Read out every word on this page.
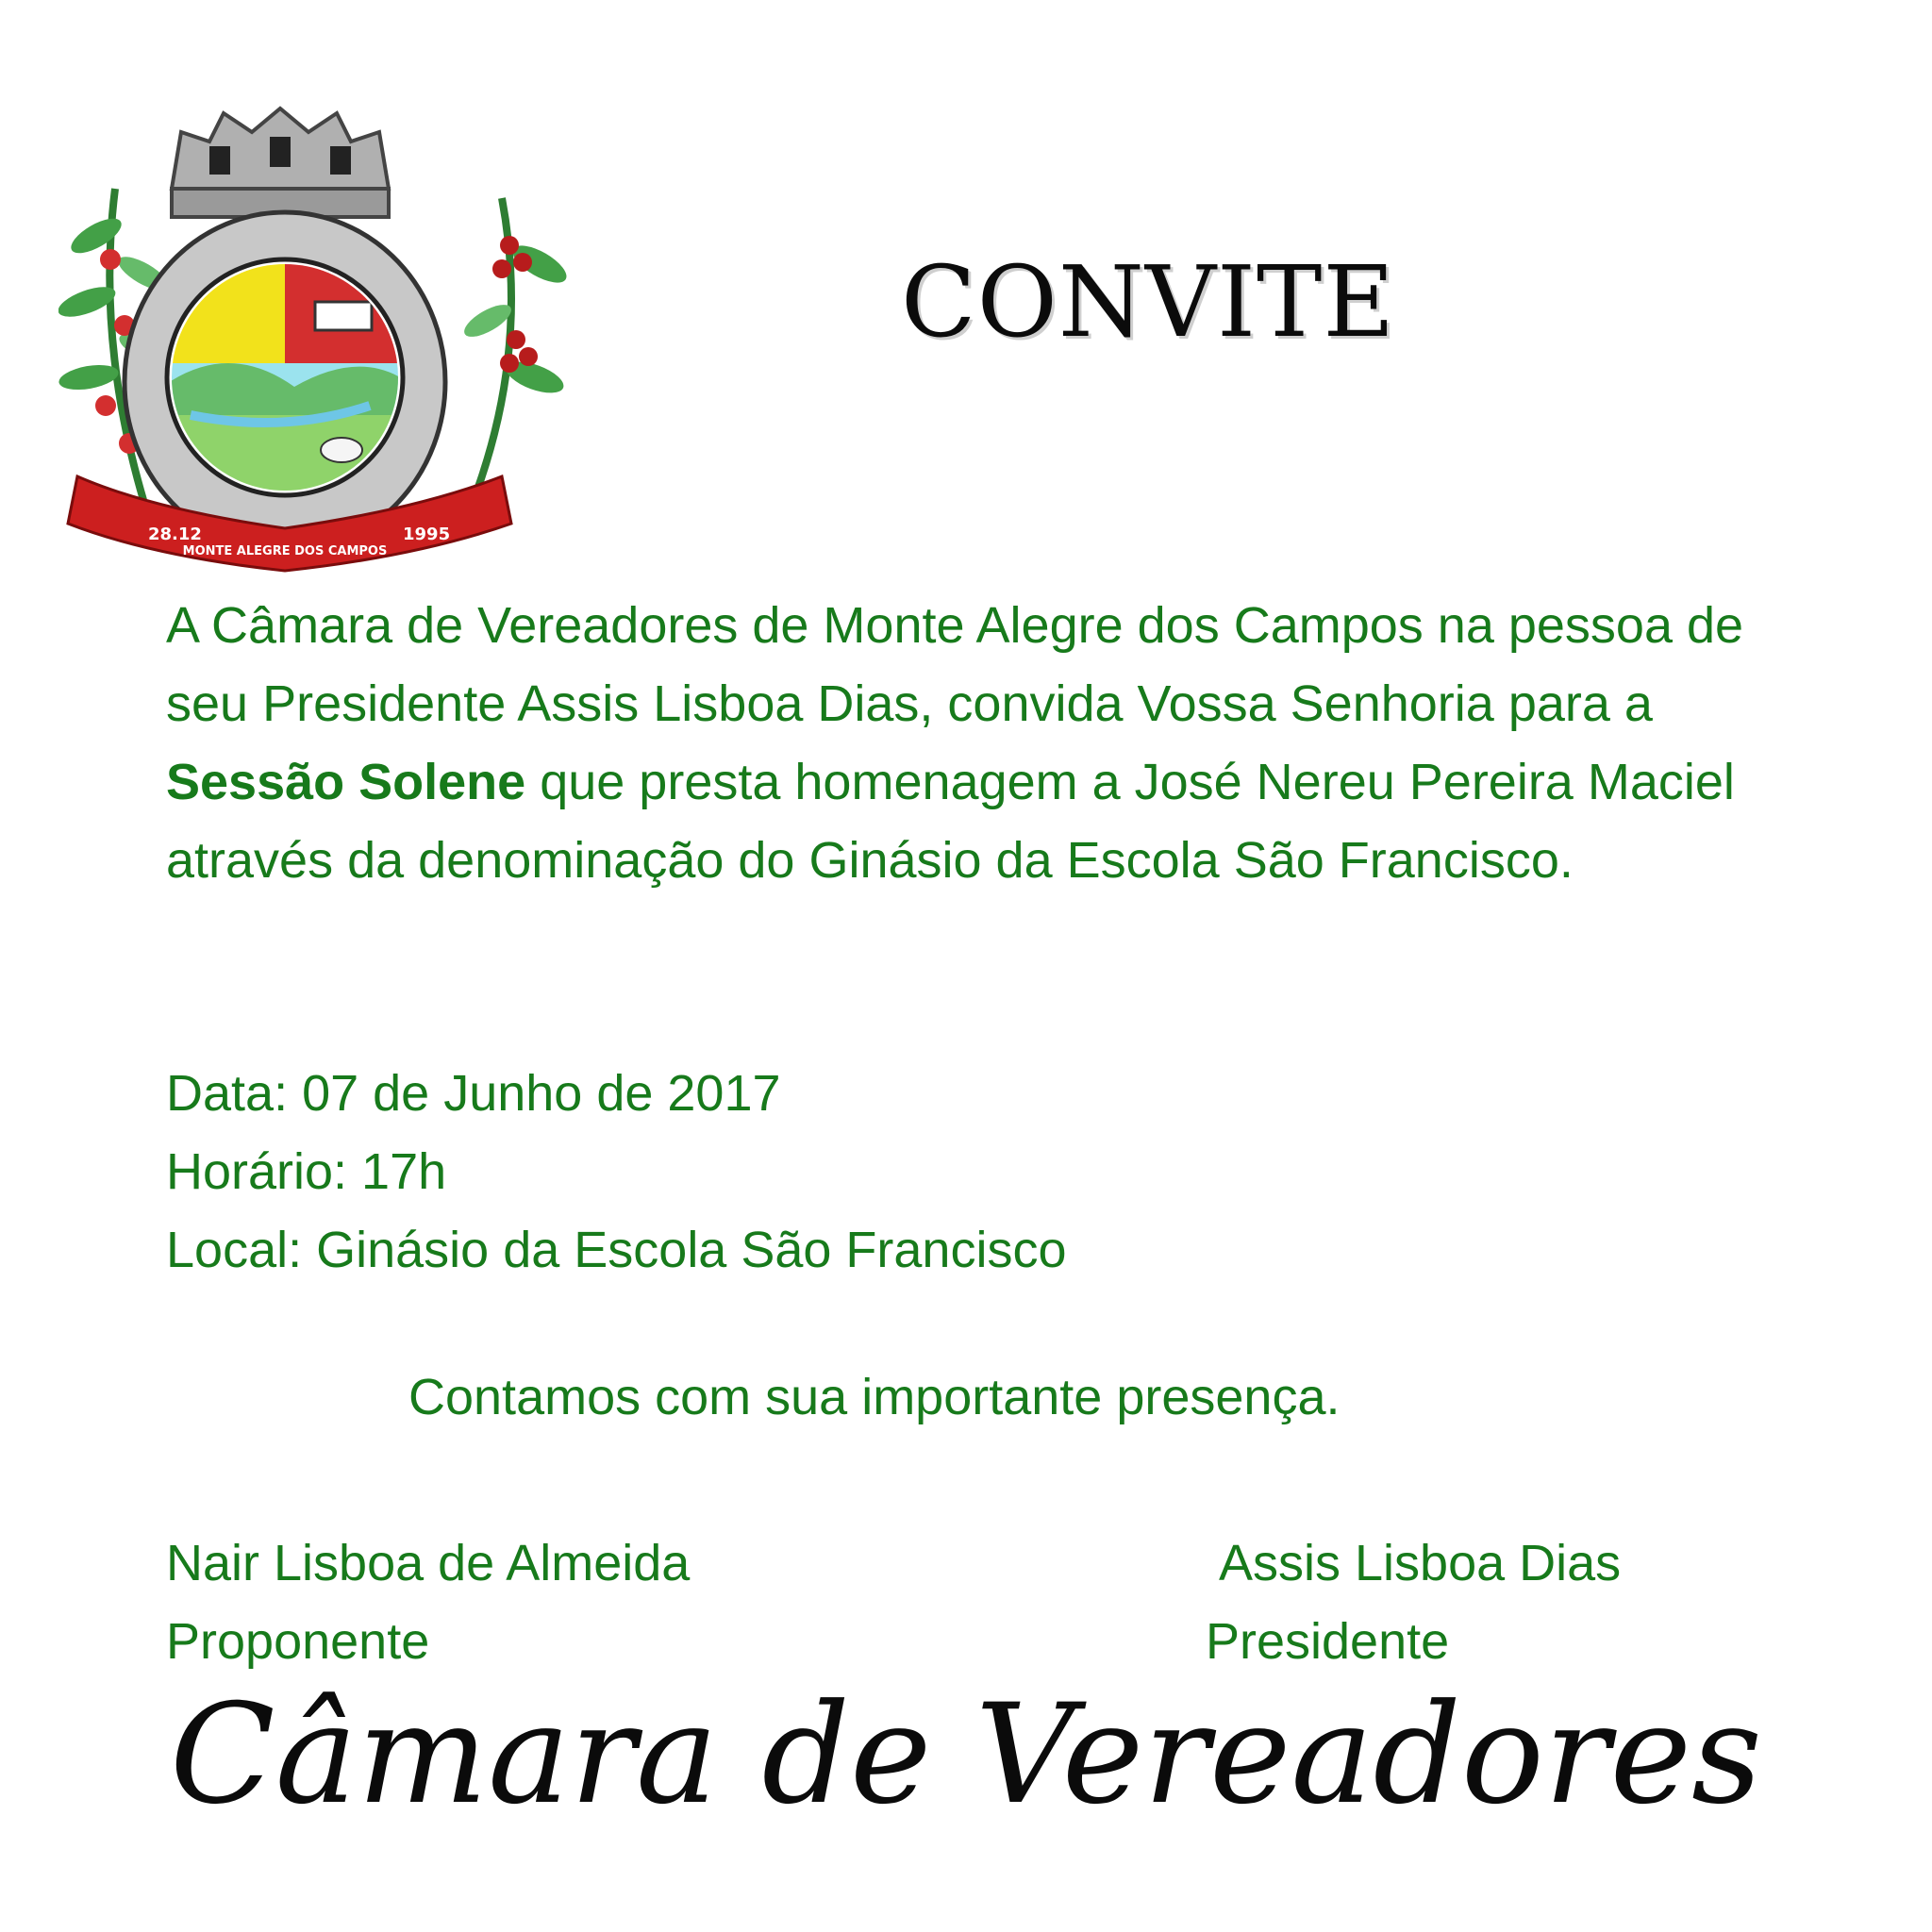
28.12
MONTE ALEGRE DOS CAMPOS
1995
CONVITE
A Câmara de Vereadores de Monte Alegre dos Campos na pessoa de seu Presidente Assis Lisboa Dias, convida Vossa Senhoria para a Sessão Solene que presta homenagem a José Nereu Pereira Maciel através da denominação do Ginásio da Escola São Francisco.
Data: 07 de Junho de 2017
Horário: 17h
Local: Ginásio da Escola São Francisco
Contamos com sua importante presença.
Nair Lisboa de Almeida
Proponente
Assis Lisboa Dias
Presidente
Câmara de Vereadores
